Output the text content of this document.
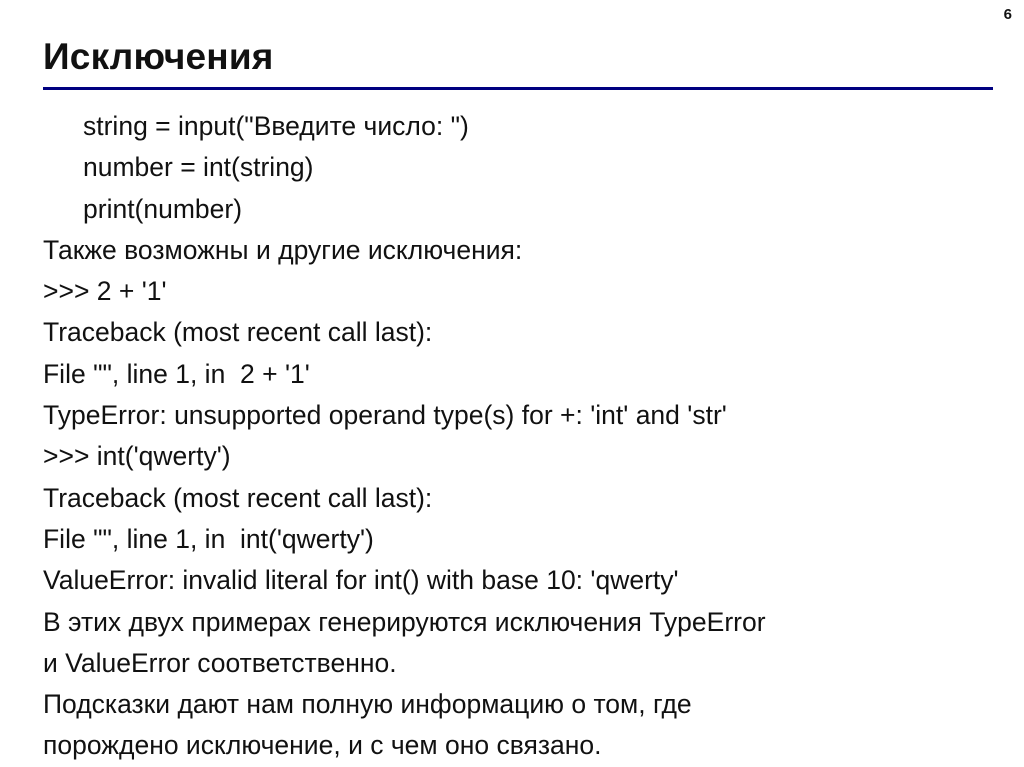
6
Исключения
string = input("Введите число: ")
number = int(string)
print(number)
Также возможны и другие исключения:
>>> 2 + '1'
Traceback (most recent call last):
File "", line 1, in  2 + '1'
TypeError: unsupported operand type(s) for +: 'int' and 'str'
>>> int('qwerty')
Traceback (most recent call last):
File "", line 1, in  int('qwerty')
ValueError: invalid literal for int() with base 10: 'qwerty'
В этих двух примерах генерируются исключения TypeError
и ValueError соответственно.
Подсказки дают нам полную информацию о том, где
порождено исключение, и с чем оно связано.
